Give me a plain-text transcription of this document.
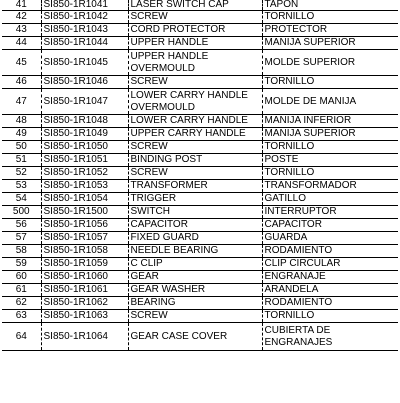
41	SI850-1R1041	LASER SWITCH CAP	TAPON
42	SI850-1R1042	SCREW	TORNILLO
43	SI850-1R1043	CORD PROTECTOR	PROTECTOR
44	SI850-1R1044	UPPER HANDLE	MANIJA SUPERIOR
45	SI850-1R1045	UPPER HANDLE OVERMOULD	MOLDE SUPERIOR
46	SI850-1R1046	SCREW	TORNILLO
47	SI850-1R1047	LOWER CARRY HANDLE OVERMOULD	MOLDE DE MANIJA
48	SI850-1R1048	LOWER CARRY HANDLE	MANIJA INFERIOR
49	SI850-1R1049	UPPER CARRY HANDLE	MANIJA SUPERIOR
50	SI850-1R1050	SCREW	TORNILLO
51	SI850-1R1051	BINDING POST	POSTE
52	SI850-1R1052	SCREW	TORNILLO
53	SI850-1R1053	TRANSFORMER	TRANSFORMADOR
54	SI850-1R1054	TRIGGER	GATILLO
500	SI850-1R1500	SWITCH	INTERRUPTOR
56	SI850-1R1056	CAPACITOR	CAPACITOR
57	SI850-1R1057	FIXED GUARD	GUARDA
58	SI850-1R1058	NEEDLE BEARING	RODAMIENTO
59	SI850-1R1059	C CLIP	CLIP CIRCULAR
60	SI850-1R1060	GEAR	ENGRANAJE
61	SI850-1R1061	GEAR WASHER	ARANDELA
62	SI850-1R1062	BEARING	RODAMIENTO
63	SI850-1R1063	SCREW	TORNILLO
64	SI850-1R1064	GEAR CASE COVER	CUBIERTA DE ENGRANAJES
